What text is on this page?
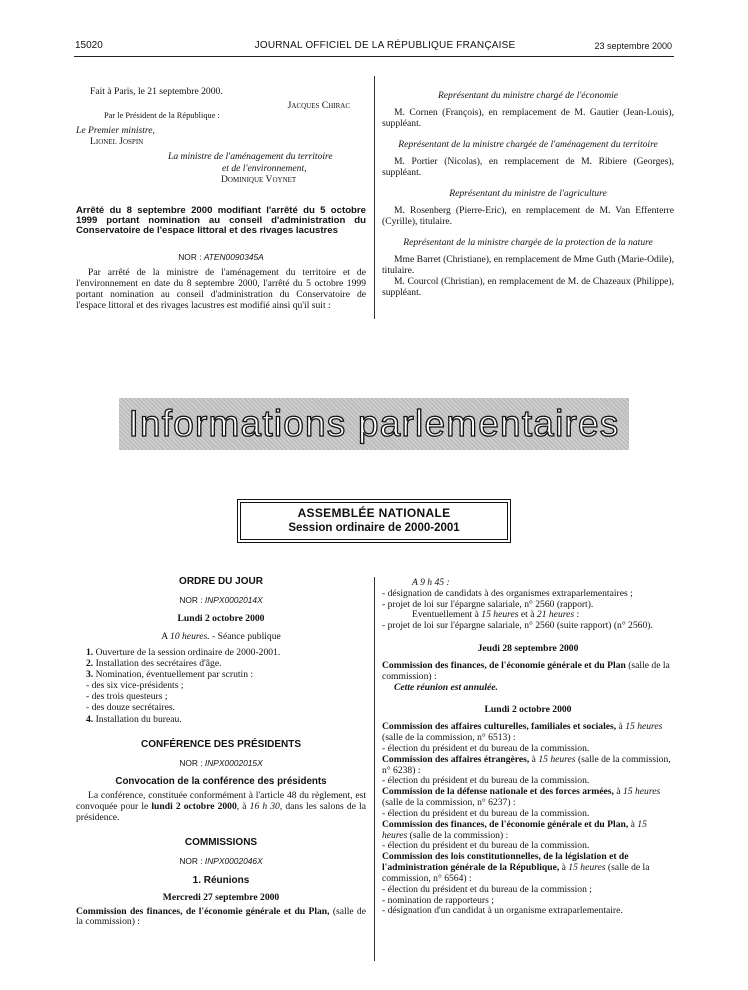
15020	JOURNAL OFFICIEL DE LA RÉPUBLIQUE FRANÇAISE	23 septembre 2000
Fait à Paris, le 21 septembre 2000.
Jacques Chirac
Par le Président de la République :
Le Premier ministre,
Lionel Jospin
La ministre de l'aménagement du territoire
et de l'environnement,
Dominique Voynet
Arrêté du 8 septembre 2000 modifiant l'arrêté du 5 octobre 1999 portant nomination au conseil d'administration du Conservatoire de l'espace littoral et des rivages lacustres
NOR : ATEN0090345A
Par arrêté de la ministre de l'aménagement du territoire et de l'environnement en date du 8 septembre 2000, l'arrêté du 5 octobre 1999 portant nomination au conseil d'administration du Conservatoire de l'espace littoral et des rivages lacustres est modifié ainsi qu'il suit :
Représentant du ministre chargé de l'économie
M. Cornen (François), en remplacement de M. Gautier (Jean-Louis), suppléant.
Représentant de la ministre chargée de l'aménagement du territoire
M. Portier (Nicolas), en remplacement de M. Ribiere (Georges), suppléant.
Représentant du ministre de l'agriculture
M. Rosenberg (Pierre-Eric), en remplacement de M. Van Effenterre (Cyrille), titulaire.
Représentant de la ministre chargée de la protection de la nature
Mme Barret (Christiane), en remplacement de Mme Guth (Marie-Odile), titulaire.
M. Courcol (Christian), en remplacement de M. de Chazeaux (Philippe), suppléant.
Informations parlementaires
ASSEMBLÉE NATIONALE
Session ordinaire de 2000-2001
ORDRE DU JOUR
NOR : INPX0002014X
Lundi 2 octobre 2000
A 10 heures. - Séance publique
1. Ouverture de la session ordinaire de 2000-2001.
2. Installation des secrétaires d'âge.
3. Nomination, éventuellement par scrutin :
- des six vice-présidents ;
- des trois questeurs ;
- des douze secrétaires.
4. Installation du bureau.
CONFÉRENCE DES PRÉSIDENTS
NOR : INPX0002015X
Convocation de la conférence des présidents
La conférence, constituée conformément à l'article 48 du règlement, est convoquée pour le lundi 2 octobre 2000, à 16 h 30, dans les salons de la présidence.
COMMISSIONS
NOR : INPX0002046X
1. Réunions
Mercredi 27 septembre 2000
Commission des finances, de l'économie générale et du Plan, (salle de la commission) :
A 9 h 45 :
- désignation de candidats à des organismes extraparlementaires ;
- projet de loi sur l'épargne salariale, n° 2560 (rapport).
Eventuellement à 15 heures et à 21 heures :
- projet de loi sur l'épargne salariale, n° 2560 (suite rapport) (n° 2560).
Jeudi 28 septembre 2000
Commission des finances, de l'économie générale et du Plan (salle de la commission) :
Cette réunion est annulée.
Lundi 2 octobre 2000
Commission des affaires culturelles, familiales et sociales, à 15 heures (salle de la commission, n° 6513) :
- élection du président et du bureau de la commission.
Commission des affaires étrangères, à 15 heures (salle de la commission, n° 6238) :
- élection du président et du bureau de la commission.
Commission de la défense nationale et des forces armées, à 15 heures (salle de la commission, n° 6237) :
- élection du président et du bureau de la commission.
Commission des finances, de l'économie générale et du Plan, à 15 heures (salle de la commission) :
- élection du président et du bureau de la commission.
Commission des lois constitutionnelles, de la législation et de l'administration générale de la République, à 15 heures (salle de la commission, n° 6564) :
- élection du président et du bureau de la commission ;
- nomination de rapporteurs ;
- désignation d'un candidat à un organisme extraparlementaire.
